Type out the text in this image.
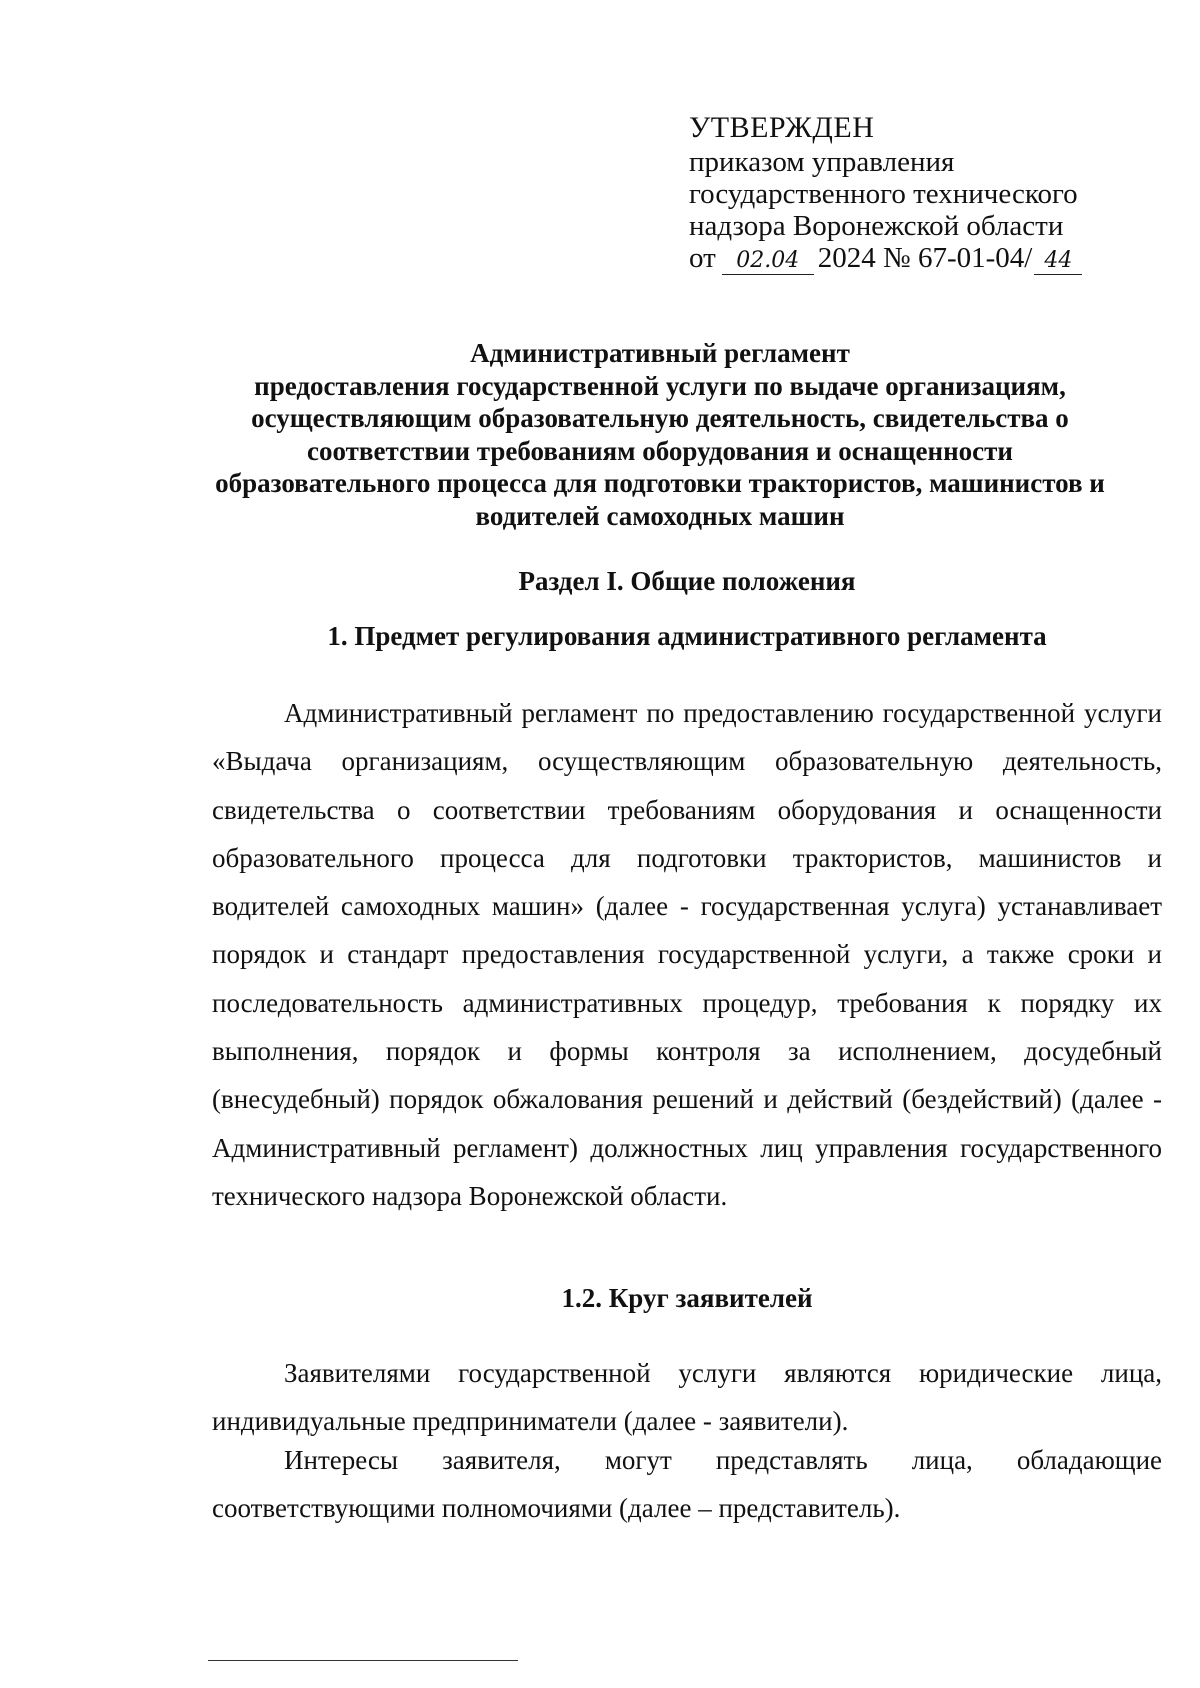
УТВЕРЖДЕН
приказом управления
государственного технического
надзора Воронежской области
от 02.04 2024 № 67-01-04/ 44
Административный регламент
предоставления государственной услуги по выдаче организациям,
осуществляющим образовательную деятельность, свидетельства о
соответствии требованиям оборудования и оснащенности
образовательного процесса для подготовки трактористов, машинистов и
водителей самоходных машин
Раздел I. Общие положения
1. Предмет регулирования административного регламента
Административный регламент по предоставлению государственной услуги «Выдача организациям, осуществляющим образовательную деятельность, свидетельства о соответствии требованиям оборудования и оснащенности образовательного процесса для подготовки трактористов, машинистов и водителей самоходных машин» (далее - государственная услуга) устанавливает порядок и стандарт предоставления государственной услуги, а также сроки и последовательность административных процедур, требования к порядку их выполнения, порядок и формы контроля за исполнением, досудебный (внесудебный) порядок обжалования решений и действий (бездействий) (далее - Административный регламент) должностных лиц управления государственного технического надзора Воронежской области.
1.2. Круг заявителей
Заявителями государственной услуги являются юридические лица, индивидуальные предприниматели (далее - заявители).
Интересы заявителя, могут представлять лица, обладающие соответствующими полномочиями (далее – представитель).
